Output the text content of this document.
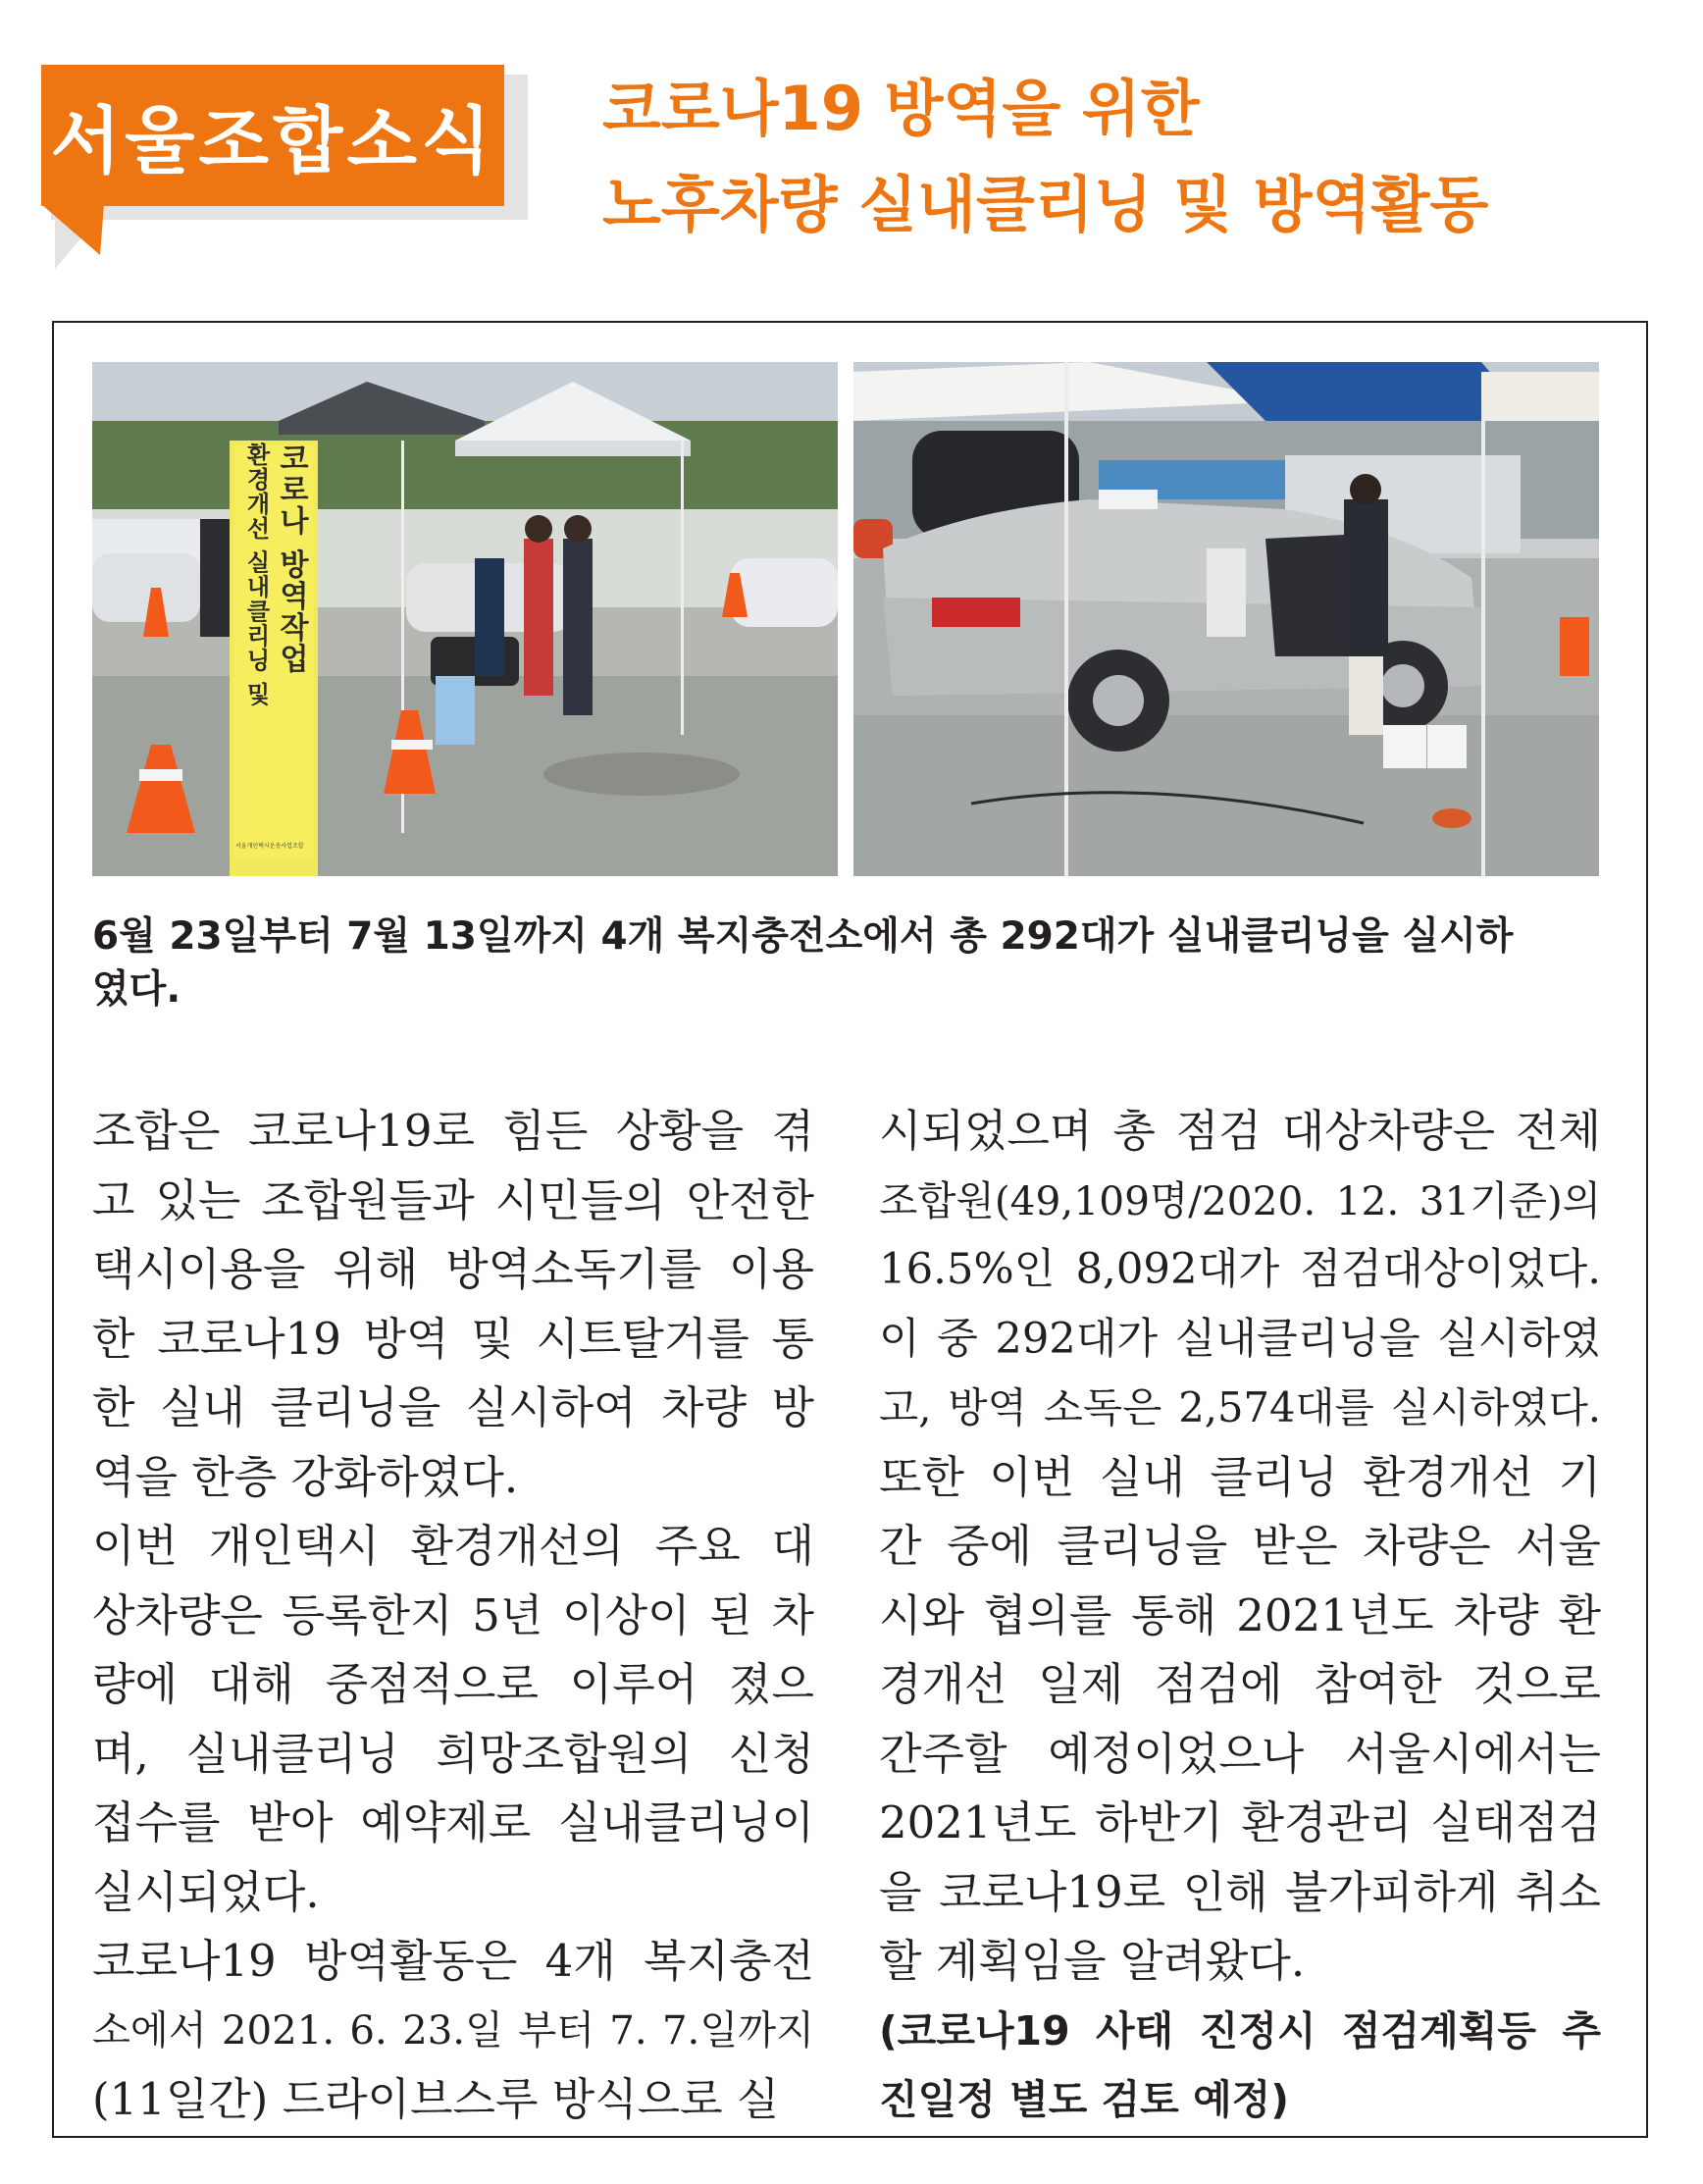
서울조합소식 코로나19 방역을 위한
노후차량 실내클리닝 및 방역활동
코로나 방역작업
환경개선 실내클리닝 및
서울개인택시운송사업조합
6월 23일부터 7월 13일까지 4개 복지충전소에서 총 292대가 실내클리닝을 실시하
였다.
조합은 코로나19로 힘든 상황을 겪
고 있는 조합원들과 시민들의 안전한
택시이용을 위해 방역소독기를 이용
한 코로나19 방역 및 시트탈거를 통
한 실내 클리닝을 실시하여 차량 방
역을 한층 강화하였다.
이번 개인택시 환경개선의 주요 대
상차량은 등록한지 5년 이상이 된 차
량에 대해 중점적으로 이루어 졌으
며, 실내클리닝 희망조합원의 신청
접수를 받아 예약제로 실내클리닝이
실시되었다.
코로나19 방역활동은 4개 복지충전
소에서 2021. 6. 23.일 부터 7. 7.일까지
(11일간) 드라이브스루 방식으로 실
시되었으며 총 점검 대상차량은 전체
조합원(49,109명/2020. 12. 31기준)의
16.5%인 8,092대가 점검대상이었다.
이 중 292대가 실내클리닝을 실시하였
고, 방역 소독은 2,574대를 실시하였다.
또한 이번 실내 클리닝 환경개선 기
간 중에 클리닝을 받은 차량은 서울
시와 협의를 통해 2021년도 차량 환
경개선 일제 점검에 참여한 것으로
간주할 예정이었으나 서울시에서는
2021년도 하반기 환경관리 실태점검
을 코로나19로 인해 불가피하게 취소
할 계획임을 알려왔다.
(코로나19 사태 진정시 점검계획등 추
진일정 별도 검토 예정)
